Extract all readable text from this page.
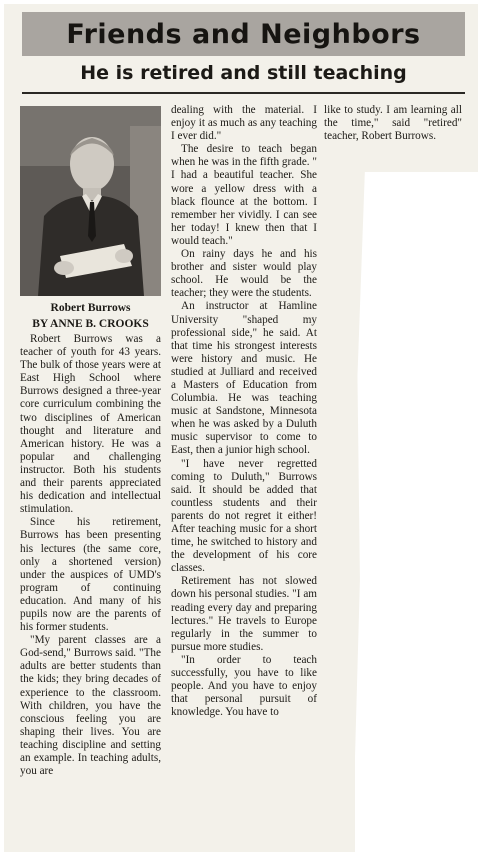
Friends and Neighbors
He is retired and still teaching
Robert Burrows
BY ANNE B. CROOKS

Robert Burrows was a teacher of youth for 43 years. The bulk of those years were at East High School where Burrows designed a three-year core curriculum combining the two disciplines of American thought and literature and American history. He was a popular and challenging instructor. Both his students and their parents appreciated his dedication and intellectual stimulation.

Since his retirement, Burrows has been presenting his lectures (the same core, only a shortened version) under the auspices of UMD's program of continuing education. And many of his pupils now are the parents of his former students.

"My parent classes are a God-send," Burrows said. "The adults are better students than the kids; they bring decades of experience to the classroom. With children, you have the conscious feeling you are shaping their lives. You are teaching discipline and setting an example. In teaching adults, you are

dealing with the material. I enjoy it as much as any teaching I ever did."

The desire to teach began when he was in the fifth grade. " I had a beautiful teacher. She wore a yellow dress with a black flounce at the bottom. I remember her vividly. I can see her today! I knew then that I would teach."

On rainy days he and his brother and sister would play school. He would be the teacher; they were the students.

An instructor at Hamline University "shaped my professional side," he said. At that time his strongest interests were history and music. He studied at Julliard and received a Masters of Education from Columbia. He was teaching music at Sandstone, Minnesota when he was asked by a Duluth music supervisor to come to East, then a junior high school.

"I have never regretted coming to Duluth," Burrows said. It should be added that countless students and their parents do not regret it either! After teaching music for a short time, he switched to history and the development of his core classes.

Retirement has not slowed down his personal studies. "I am reading every day and preparing lectures." He travels to Europe regularly in the summer to pursue more studies.

"In order to teach successfully, you have to like people. And you have to enjoy that personal pursuit of knowledge. You have to

like to study. I am learning all the time," said "retired" teacher, Robert Burrows.
